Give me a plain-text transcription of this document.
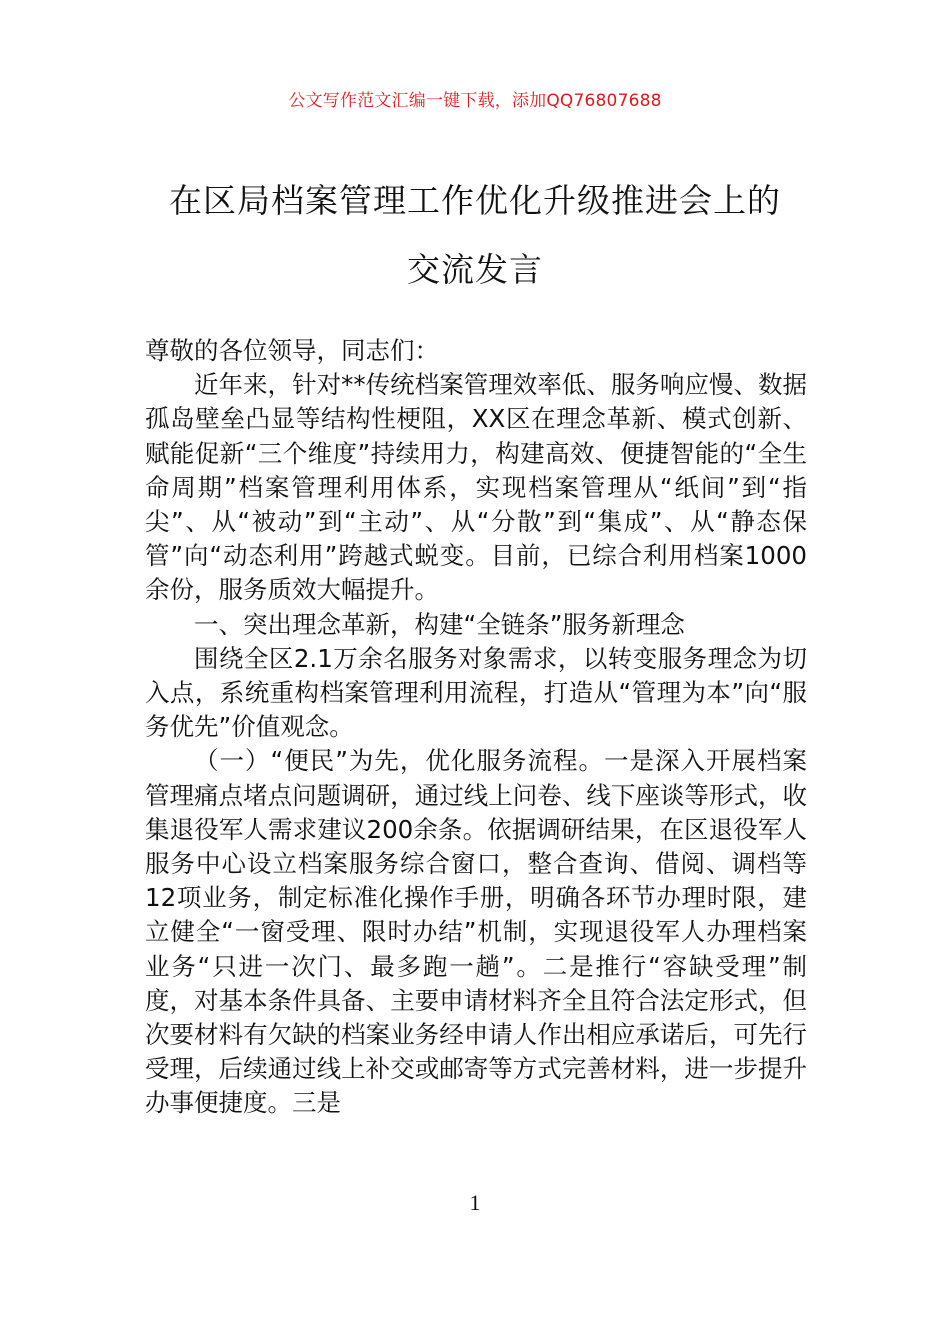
公文写作范文汇编一键下载，添加QQ76807688
在区局档案管理工作优化升级推进会上的
交流发言

尊敬的各位领导，同志们：

近年来，针对**传统档案管理效率低、服务响应慢、数据孤岛壁垒凸显等结构性梗阻，XX区在理念革新、模式创新、赋能促新“三个维度”持续用力，构建高效、便捷智能的“全生命周期”档案管理利用体系，实现档案管理从“纸间”到“指尖”、从“被动”到“主动”、从“分散”到“集成”、从“静态保管”向“动态利用”跨越式蜕变。目前，已综合利用档案1000余份，服务质效大幅提升。

一、突出理念革新，构建“全链条”服务新理念

围绕全区2.1万余名服务对象需求，以转变服务理念为切入点，系统重构档案管理利用流程，打造从“管理为本”向“服务优先”价值观念。

（一）“便民”为先，优化服务流程。一是深入开展档案管理痛点堵点问题调研，通过线上问卷、线下座谈等形式，收集退役军人需求建议200余条。依据调研结果，在区退役军人服务中心设立档案服务综合窗口，整合查询、借阅、调档等12项业务，制定标准化操作手册，明确各环节办理时限，建立健全“一窗受理、限时办结”机制，实现退役军人办理档案业务“只进一次门、最多跑一趟”。二是推行“容缺受理”制度，对基本条件具备、主要申请材料齐全且符合法定形式，但次要材料有欠缺的档案业务经申请人作出相应承诺后，可先行受理，后续通过线上补交或邮寄等方式完善材料，进一步提升办事便捷度。三是

1
